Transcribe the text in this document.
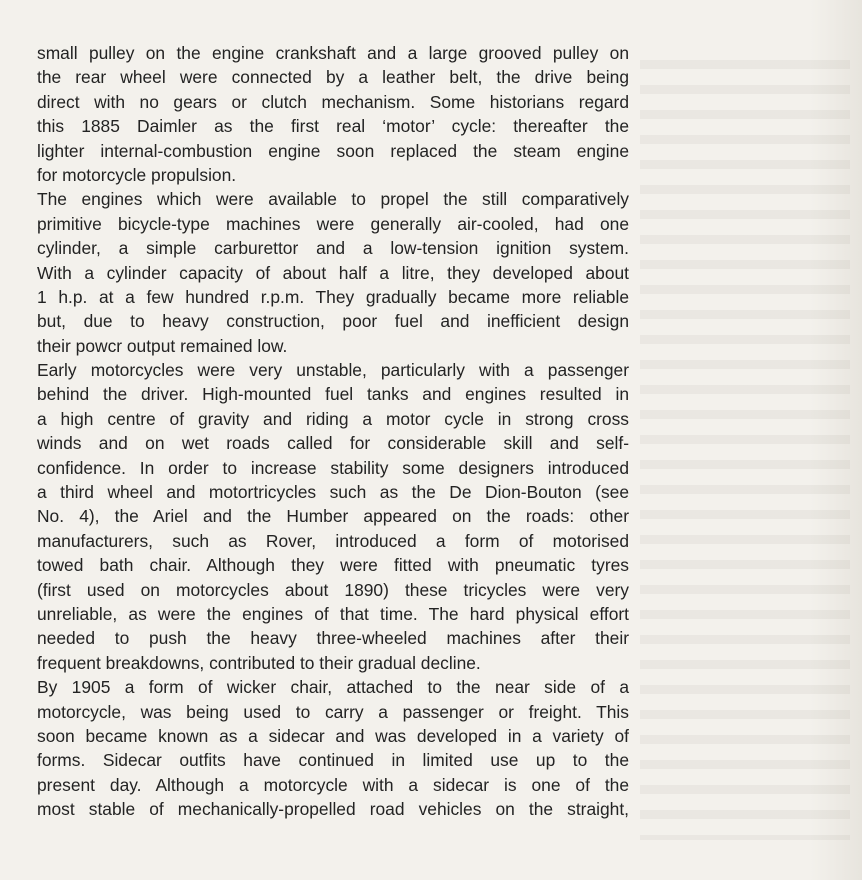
small pulley on the engine crankshaft and a large grooved pulley on
the rear wheel were connected by a leather belt, the drive being
direct with no gears or clutch mechanism. Some historians regard
this 1885 Daimler as the first real ‘motor’ cycle: thereafter the
lighter internal-combustion engine soon replaced the steam engine
for motorcycle propulsion.
The engines which were available to propel the still comparatively
primitive bicycle-type machines were generally air-cooled, had one
cylinder, a simple carburettor and a low-tension ignition system.
With a cylinder capacity of about half a litre, they developed about
1 h.p. at a few hundred r.p.m. They gradually became more reliable
but, due to heavy construction, poor fuel and inefficient design
their powcr output remained low.
Early motorcycles were very unstable, particularly with a passenger
behind the driver. High-mounted fuel tanks and engines resulted in
a high centre of gravity and riding a motor cycle in strong cross
winds and on wet roads called for considerable skill and self-
confidence. In order to increase stability some designers introduced
a third wheel and motortricycles such as the De Dion-Bouton (see
No. 4), the Ariel and the Humber appeared on the roads: other
manufacturers, such as Rover, introduced a form of motorised
towed bath chair. Although they were fitted with pneumatic tyres
(first used on motorcycles about 1890) these tricycles were very
unreliable, as were the engines of that time. The hard physical effort
needed to push the heavy three-wheeled machines after their
frequent breakdowns, contributed to their gradual decline.
By 1905 a form of wicker chair, attached to the near side of a
motorcycle, was being used to carry a passenger or freight. This
soon became known as a sidecar and was developed in a variety of
forms. Sidecar outfits have continued in limited use up to the
present day. Although a motorcycle with a sidecar is one of the
most stable of mechanically-propelled road vehicles on the straight,
